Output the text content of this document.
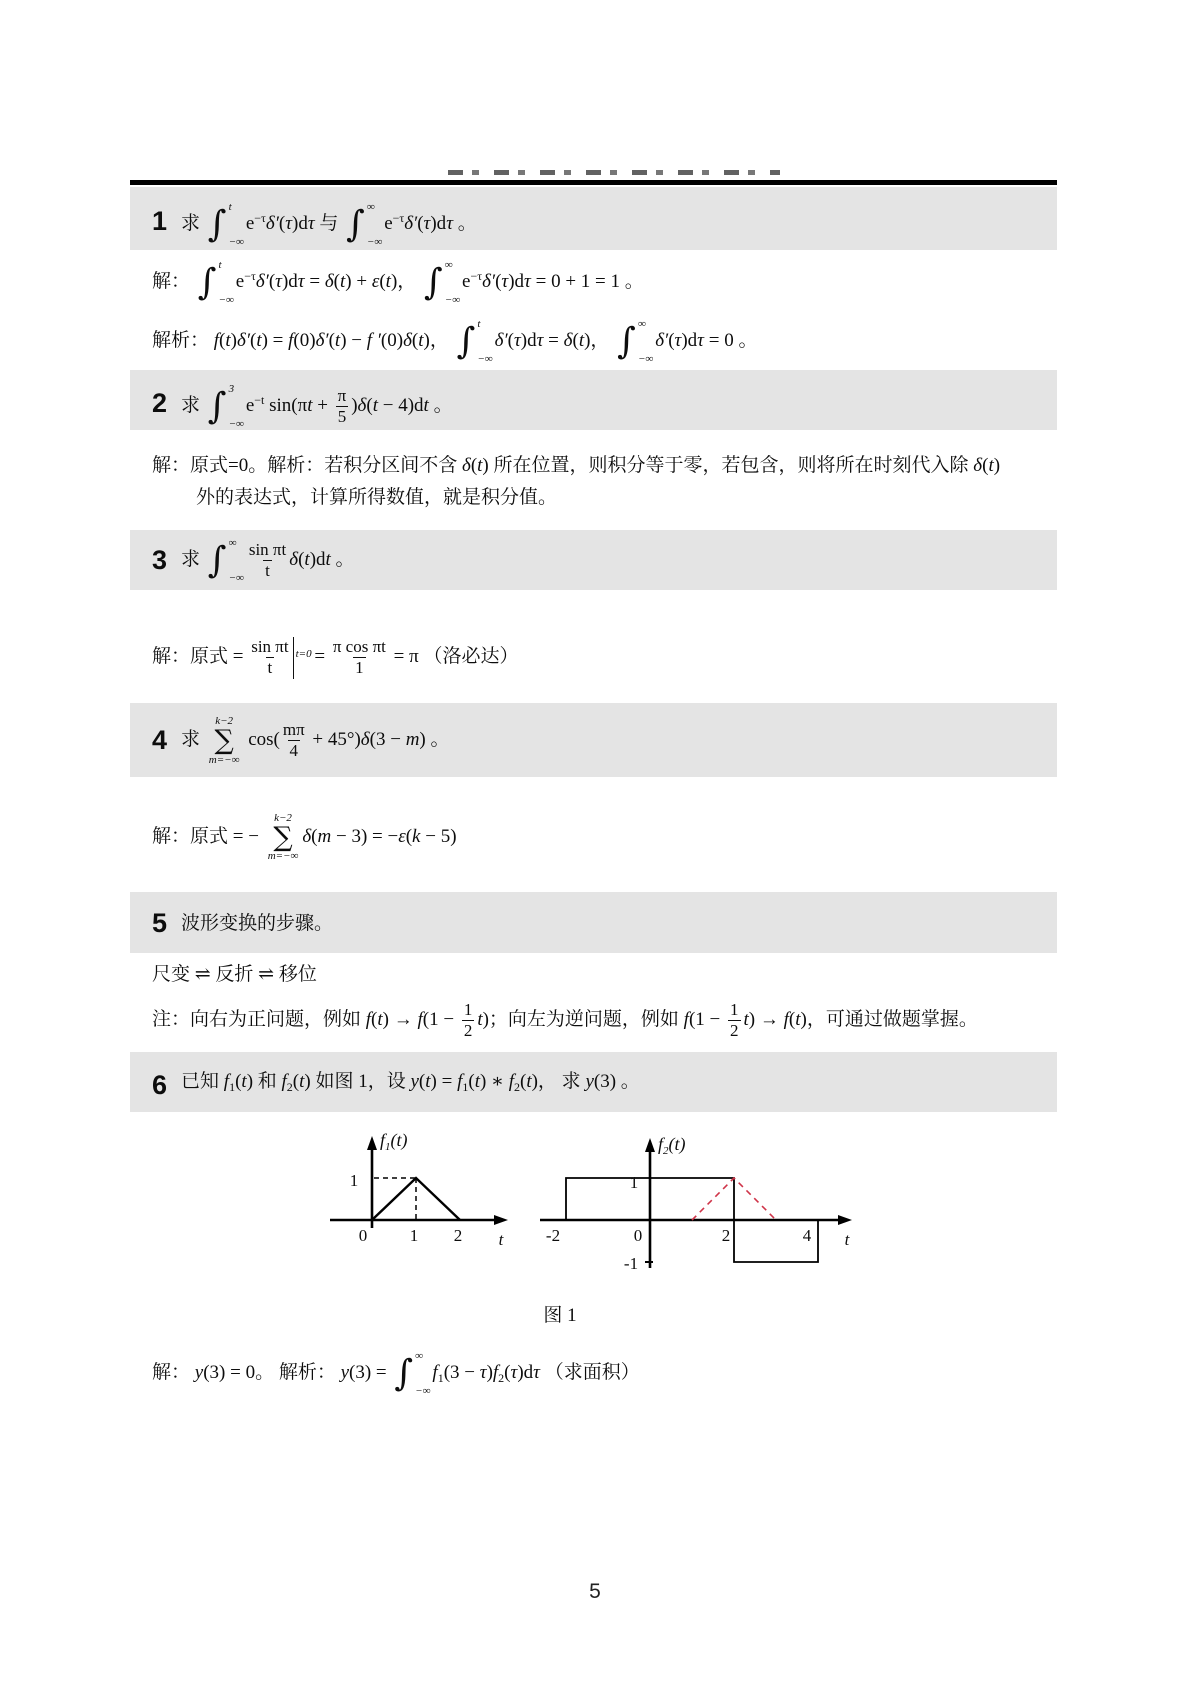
1 求 ∫ t
−∞
$e^{-\tau}\delta'(\tau)d\tau$ 与 ∫ ∞
−∞
$e^{-\tau}\delta'(\tau)d\tau$ 。
解： ∫ t
−∞
$e^{-\tau}\delta'(\tau)d\tau = \delta(t) + \varepsilon(t)$， ∫ ∞
−∞
$e^{-\tau}\delta'(\tau)d\tau = 0 + 1 = 1$ 。
解析： f(t)δ′(t) = f(0)δ′(t) − f ′(0)δ(t)， ∫ t
−∞
δ′(τ)dτ = δ(t)， ∫ ∞
−∞
δ′(τ)dτ = 0 。
2 求 ∫ 3
−∞
$e^{-t}$ $\sin(\pi t + \frac{\pi}{5} )\delta(t - 4)dt$ 。
解：原式=0。解析：若积分区间不含 δ(t) 所在位置，则积分等于零，若包含，则将所在时刻代入除 δ(t)
外的表达式，计算所得数值，就是积分值。
3 求 ∫ ∞
−∞ $\frac{\text{sin πt}}{t} \delta(t)dt$ 。
解：原式 = $\frac{\text{sin πt}}{t} t=0$
= $\frac{\text{π cos πt}}{1} = \pi$ （洛必达）
4 求
k−2
∑
m=−∞
$\cos( \frac{m\pi}{4} + 45^\circ)\delta(3 - m)$ 。
解：原式 = −
k−2
∑
m=−∞
δ(m − 3) = −ε(k − 5)
5 波形变换的步骤。
尺变 ⇌ 反折 ⇌ 移位
注：向右为正问题，例如 $f(t) \to f(1 - \frac{1}{2} t)$；向左为逆问题，例如 $f(1 - \frac{1}{2} t) \to f(t)$，可通过做题掌握。
6 已知 $f_1(t)$ 和 $f_2(t)$ 如图 1，设 $y(t) = f_1(t)$ ∗ $f_2(t)$， 求 y(3) 。
$f_1(t)$
1
0	1 2 t
$f_2(t)$
1
-1
-2	0	2	4 t
图 1
解： y(3) = 0。 解析： y(3) = ∫ ∞
−∞
$f_1(3 - \tau)f_2(\tau)d\tau$ （求面积）
5
